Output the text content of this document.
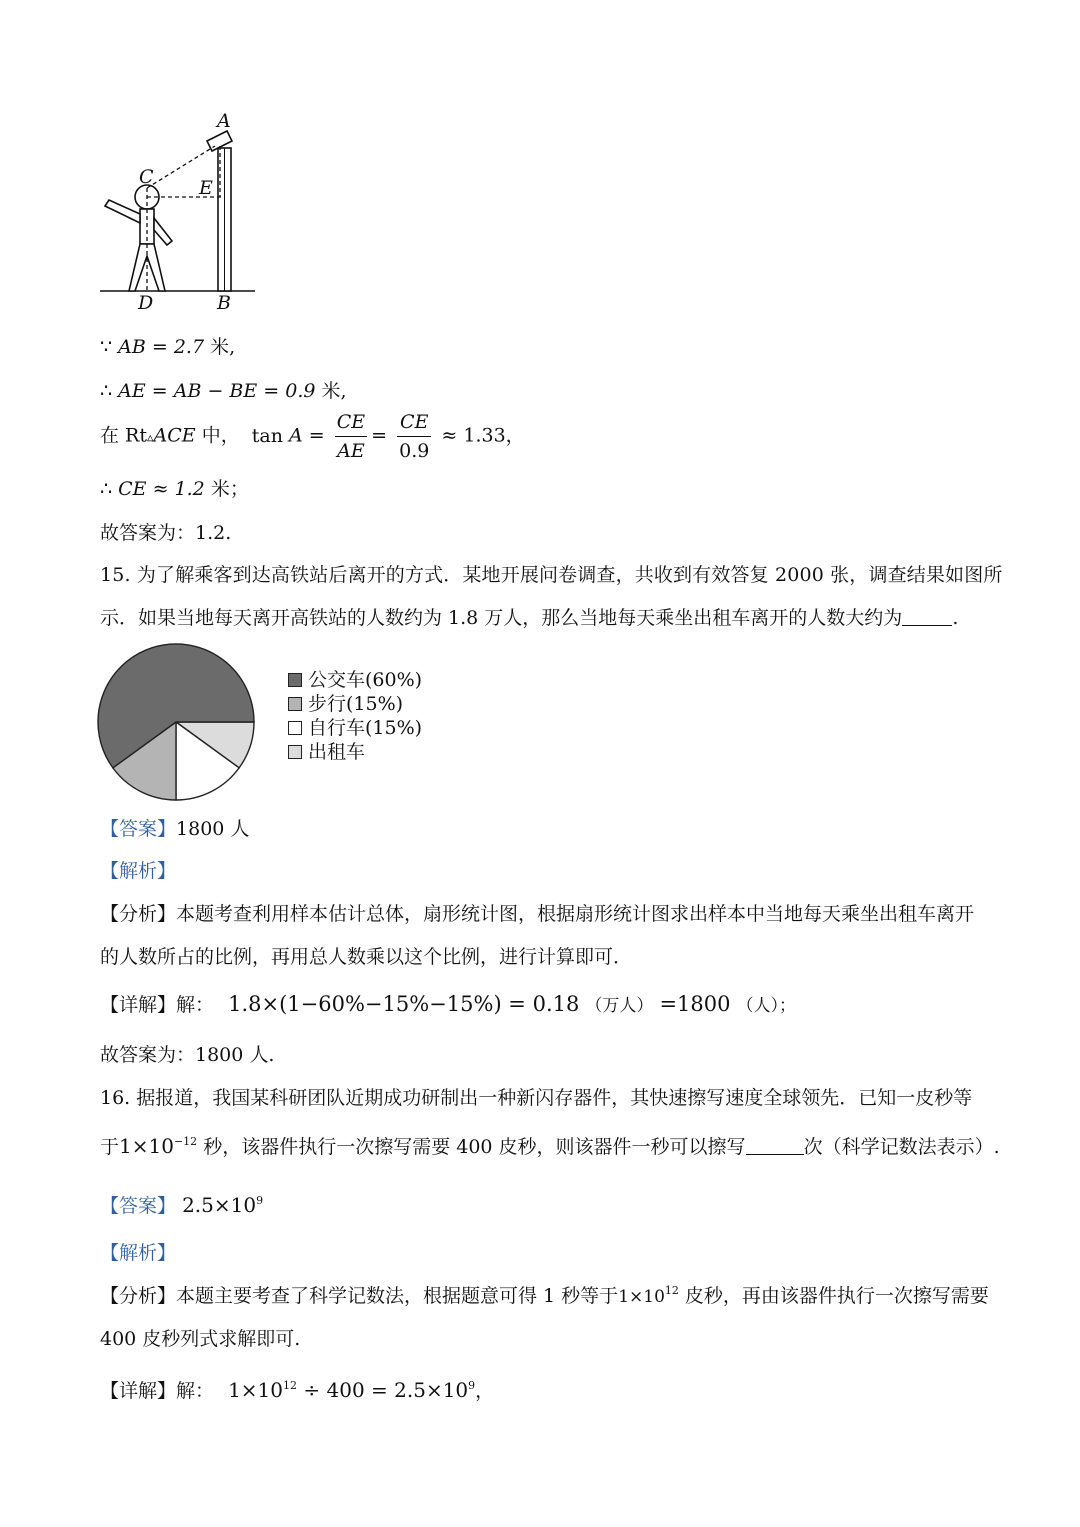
A
C E
D	B
∵ AB = 2.7 米,
∴ AE = AB − BE = 0.9 米,
在 Rt▵ACE 中， $\tan A = \frac{CE}{AE} = \frac{CE}{0.9} \approx 1.33$，
∴ CE ≈ 1.2 米；
故答案为：1.2.
15. 为了解乘客到达高铁站后离开的方式．某地开展问卷调查，共收到有效答复 2000 张，调查结果如图所
示．如果当地每天离开高铁站的人数约为 1.8 万人，那么当地每天乘坐出租车离开的人数大约为	.
公交车(60%)
步行(15%)
自行车(15%)
出租车
【答案】1800 人
【解析】
【分析】本题考查利用样本估计总体，扇形统计图，根据扇形统计图求出样本中当地每天乘坐出租车离开
的人数所占的比例，再用总人数乘以这个比例，进行计算即可．
【详解】解： 1.8×(1−60%−15%−15%) = 0.18 （万人） =1800 （人）；
故答案为：1800 人.
16. 据报道，我国某科研团队近期成功研制出一种新闪存器件，其快速擦写速度全球领先．已知一皮秒等
于$1\times 10^{-12}$ 秒，该器件执行一次擦写需要 400 皮秒，则该器件一秒可以擦写	次（科学记数法表示）.
【答案】 $2.5\times 10^9$
【解析】
【分析】本题主要考查了科学记数法，根据题意可得 1 秒等于$1\times 10^{12}$ 皮秒，再由该器件执行一次擦写需要
400 皮秒列式求解即可.
【详解】解： $1\times 10^{12} \div 400 = 2.5\times 10^9$，
